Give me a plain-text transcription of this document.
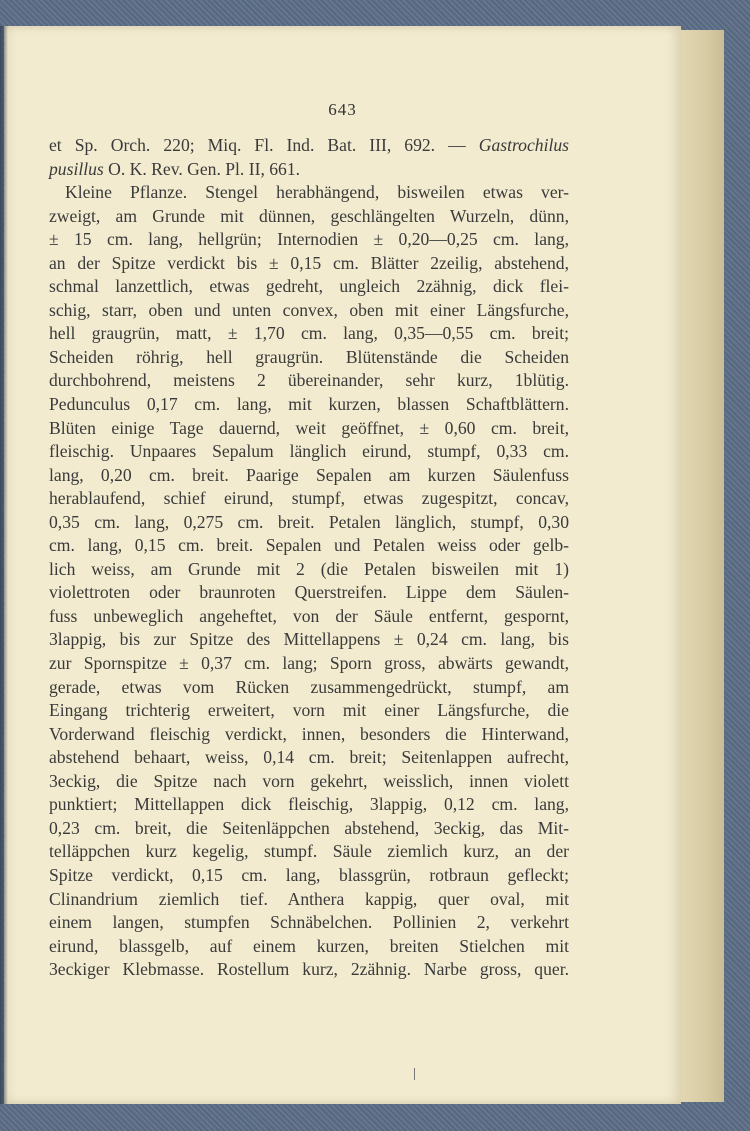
643
et Sp. Orch. 220; Miq. Fl. Ind. Bat. III, 692. — Gastrochilus
pusillus O. K. Rev. Gen. Pl. II, 661.
Kleine Pflanze. Stengel herabhängend, bisweilen etwas ver-
zweigt, am Grunde mit dünnen, geschlängelten Wurzeln, dünn,
± 15 cm. lang, hellgrün; Internodien ± 0,20—0,25 cm. lang,
an der Spitze verdickt bis ± 0,15 cm. Blätter 2zeilig, abstehend,
schmal lanzettlich, etwas gedreht, ungleich 2zähnig, dick flei-
schig, starr, oben und unten convex, oben mit einer Längsfurche,
hell graugrün, matt, ± 1,70 cm. lang, 0,35—0,55 cm. breit;
Scheiden röhrig, hell graugrün. Blütenstände die Scheiden
durchbohrend, meistens 2 übereinander, sehr kurz, 1blütig.
Pedunculus 0,17 cm. lang, mit kurzen, blassen Schaftblättern.
Blüten einige Tage dauernd, weit geöffnet, ± 0,60 cm. breit,
fleischig. Unpaares Sepalum länglich eirund, stumpf, 0,33 cm.
lang, 0,20 cm. breit. Paarige Sepalen am kurzen Säulenfuss
herablaufend, schief eirund, stumpf, etwas zugespitzt, concav,
0,35 cm. lang, 0,275 cm. breit. Petalen länglich, stumpf, 0,30
cm. lang, 0,15 cm. breit. Sepalen und Petalen weiss oder gelb-
lich weiss, am Grunde mit 2 (die Petalen bisweilen mit 1)
violettroten oder braunroten Querstreifen. Lippe dem Säulen-
fuss unbeweglich angeheftet, von der Säule entfernt, gespornt,
3lappig, bis zur Spitze des Mittellappens ± 0,24 cm. lang, bis
zur Spornspitze ± 0,37 cm. lang; Sporn gross, abwärts gewandt,
gerade, etwas vom Rücken zusammengedrückt, stumpf, am
Eingang trichterig erweitert, vorn mit einer Längsfurche, die
Vorderwand fleischig verdickt, innen, besonders die Hinterwand,
abstehend behaart, weiss, 0,14 cm. breit; Seitenlappen aufrecht,
3eckig, die Spitze nach vorn gekehrt, weisslich, innen violett
punktiert; Mittellappen dick fleischig, 3lappig, 0,12 cm. lang,
0,23 cm. breit, die Seitenläppchen abstehend, 3eckig, das Mit-
telläppchen kurz kegelig, stumpf. Säule ziemlich kurz, an der
Spitze verdickt, 0,15 cm. lang, blassgrün, rotbraun gefleckt;
Clinandrium ziemlich tief. Anthera kappig, quer oval, mit
einem langen, stumpfen Schnäbelchen. Pollinien 2, verkehrt
eirund, blassgelb, auf einem kurzen, breiten Stielchen mit
3eckiger Klebmasse. Rostellum kurz, 2zähnig. Narbe gross, quer.
